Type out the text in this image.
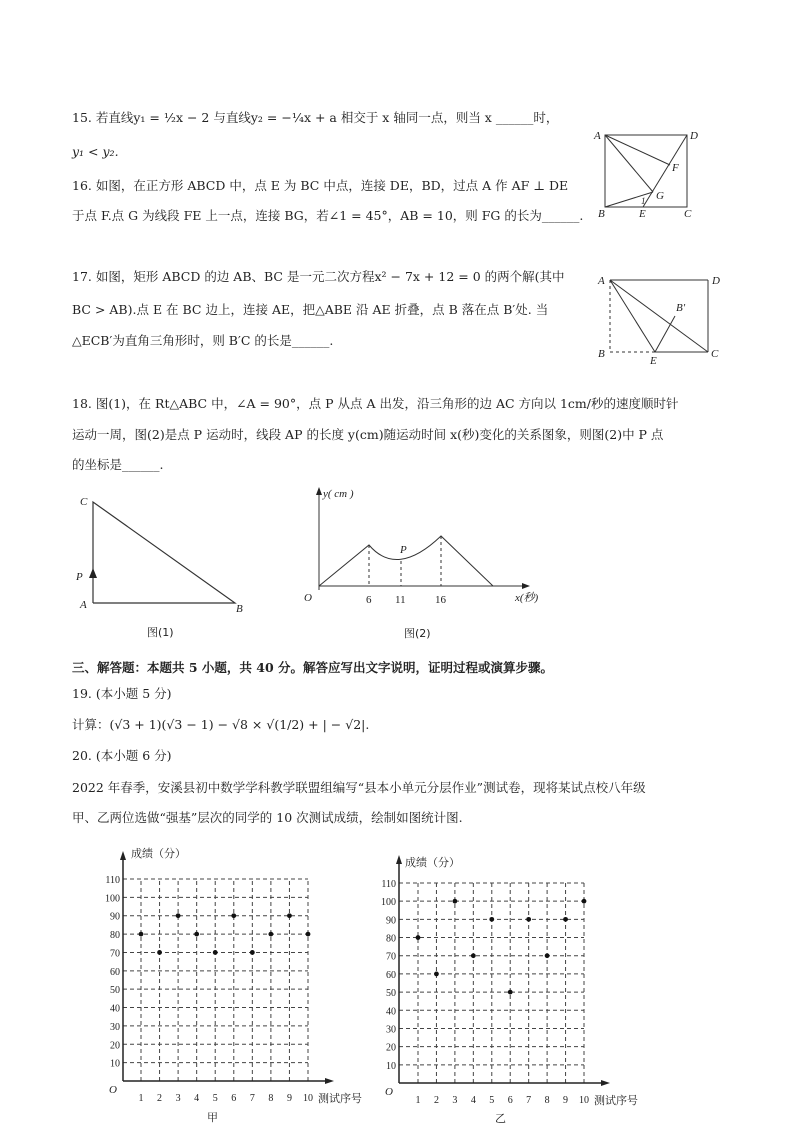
15. 若直线y₁ = ½x − 2 与直线y₂ = −¼x + a 相交于 x 轴同一点，则当 x ______时，
y₁ < y₂.
16. 如图，在正方形 ABCD 中，点 E 为 BC 中点，连接 DE，BD，过点 A 作 AF ⊥ DE
于点 F.点 G 为线段 FE 上一点，连接 BG，若∠1 = 45°，AB = 10，则 FG 的长为______.
17. 如图，矩形 ABCD 的边 AB、BC 是一元二次方程x² − 7x + 12 = 0 的两个解(其中
BC > AB).点 E 在 BC 边上，连接 AE，把△ABE 沿 AE 折叠，点 B 落在点 B′处. 当
△ECB′为直角三角形时，则 B′C 的长是______.
18. 图(1)，在 Rt△ABC 中，∠A = 90°，点 P 从点 A 出发，沿三角形的边 AC 方向以 1cm/秒的速度顺时针
运动一周，图(2)是点 P 运动时，线段 AP 的长度 y(cm)随运动时间 x(秒)变化的关系图象，则图(2)中 P 点
的坐标是______.
三、解答题：本题共 5 小题，共 40 分。解答应写出文字说明，证明过程或演算步骤。
19. (本小题 5 分)
计算：(√3 + 1)(√3 − 1) − √8 × √(1/2) + | − √2|.
20. (本小题 6 分)
2022 年春季，安溪县初中数学学科教学联盟组编写“县本小单元分层作业”测试卷，现将某试点校八年级
甲、乙两位选做“强基”层次的同学的 10 次测试成绩，绘制如图统计图.
A	D
B	E	C
F
G
1
A	D
B
E
C
B′
C
P
A	B
图(1)
y( cm )
x(秒)
O
P
6 11	16
图(2)
10
20
30
40
50
60
70
80
90
100
110
1 2 3 4 5 6 7 8 9 10
成绩（分）
测试序号
O
甲
10
20
30
40
50
60
70
80
90
100
110
1 2 3 4 5 6 7 8 9 10
成绩（分）
测试序号
O
乙
